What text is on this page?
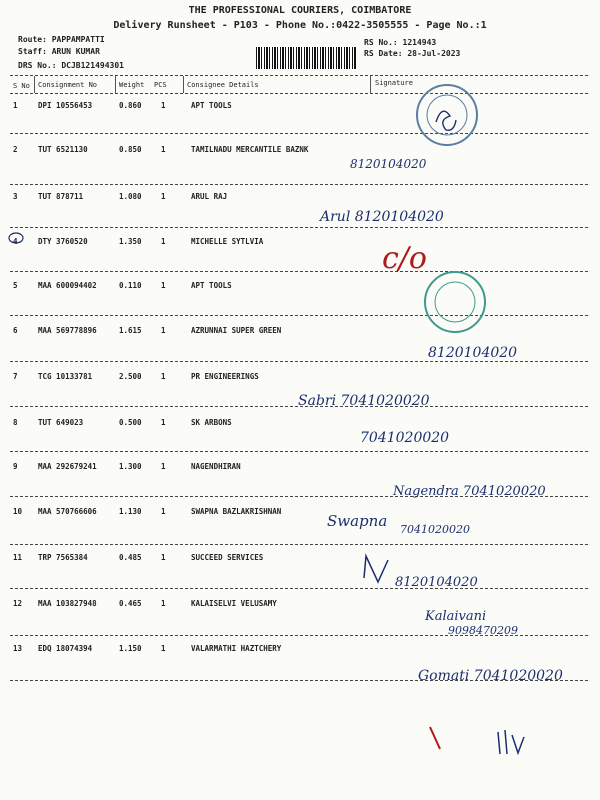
THE PROFESSIONAL COURIERS, COIMBATORE
Delivery Runsheet - P103 - Phone No.:0422-3505555 - Page No.:1
Route: PAPPAMPATTI
Staff: ARUN KUMAR
DRS No.: DCJB121494301
RS No.: 1214943
RS Date: 28-Jul-2023
S No Consignment No	Weight PCS	Consignee Details	Signature
1	DPI 10556453	0.860	1	APT TOOLS
2	TUT 6521130	0.850	1	TAMILNADU MERCANTILE BAZNK
3	TUT 878711	1.080	1	ARUL RAJ
4	DTY 3760520	1.350	1	MICHELLE SYTLVIA
5	MAA 600094402	0.110	1	APT TOOLS
6	MAA 569778896	1.615	1	AZRUNNAI SUPER GREEN
7	TCG 10133781	2.500	1	PR ENGINEERINGS
8	TUT 649023	0.500	1	SK ARBONS
9	MAA 292679241	1.300	1	NAGENDHIRAN
10 MAA 570766606	1.130	1	SWAPNA BAZLAKRISHNAN
11 TRP 7565384	0.485	1	SUCCEED SERVICES
12 MAA 103827948	0.465	1	KALAISELVI VELUSAMY
13 EDQ 18074394	1.150	1	VALARMATHI HAZTCHERY
8120104020
Arul 8120104020
c/o
8120104020
Sabri 7041020020
7041020020
Nagendra 7041020020
Swapna 7041020020
8120104020
Kalaivani
9098470209
Gomati 7041020020
